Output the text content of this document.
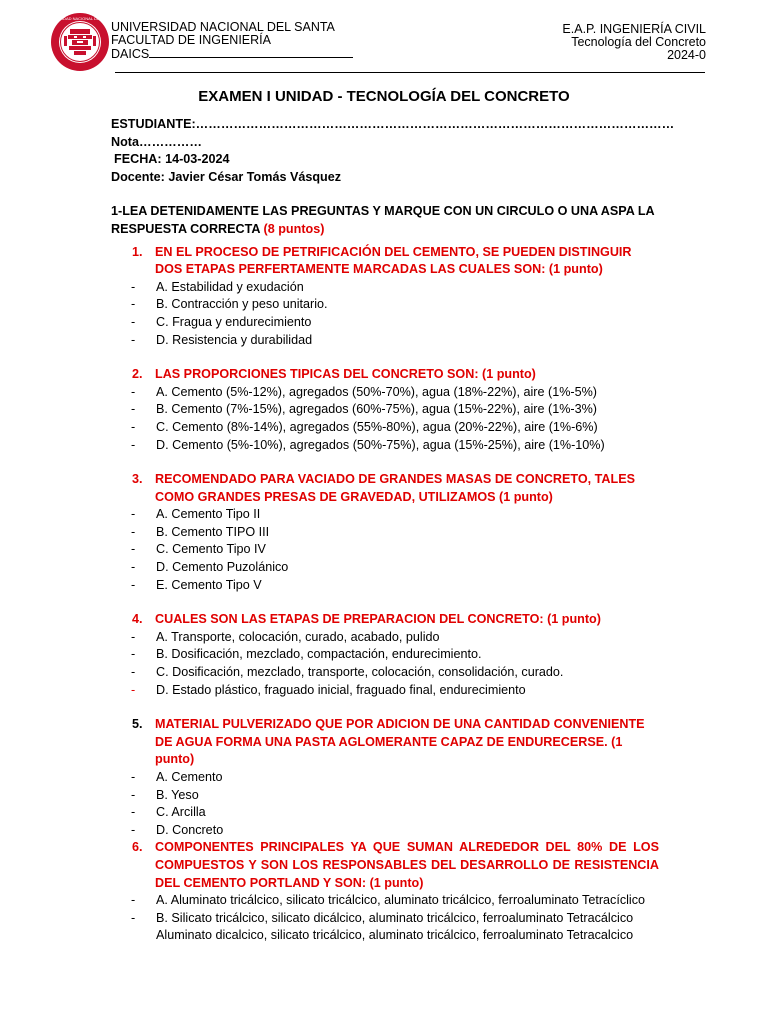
UNIVERSIDAD NACIONAL DEL SANTA
UNIVERSIDAD NACIONAL DEL SANTA
FACULTAD DE INGENIERÍA
DAICS
E.A.P. INGENIERÍA CIVIL
Tecnología del Concreto
2024-0
EXAMEN I UNIDAD - TECNOLOGÍA DEL CONCRETO
ESTUDIANTE:…………………………………………………………………………………………………… Nota……………
FECHA: 14-03-2024
Docente: Javier César Tomás Vásquez
1-LEA DETENIDAMENTE LAS PREGUNTAS Y MARQUE CON UN CIRCULO O UNA ASPA LA RESPUESTA CORRECTA (8 puntos)
1. EN EL PROCESO DE PETRIFICACIÓN DEL CEMENTO, SE PUEDEN DISTINGUIR DOS ETAPAS PERFERTAMENTE MARCADAS LAS CUALES SON: (1 punto)
-	A. Estabilidad y exudación
-	B. Contracción y peso unitario.
-	C. Fragua y endurecimiento
-	D. Resistencia y durabilidad
2. LAS PROPORCIONES TIPICAS DEL CONCRETO SON: (1 punto)
-	A. Cemento (5%-12%), agregados (50%-70%), agua (18%-22%), aire (1%-5%)
-	B. Cemento (7%-15%), agregados (60%-75%), agua (15%-22%), aire (1%-3%)
-	C. Cemento (8%-14%), agregados (55%-80%), agua (20%-22%), aire (1%-6%)
-	D. Cemento (5%-10%), agregados (50%-75%), agua (15%-25%), aire (1%-10%)
3. RECOMENDADO PARA VACIADO DE GRANDES MASAS DE CONCRETO, TALES COMO GRANDES PRESAS DE GRAVEDAD, UTILIZAMOS (1 punto)
-	A. Cemento Tipo II
-	B. Cemento TIPO III
-	C. Cemento Tipo IV
-	D. Cemento Puzolánico
-	E. Cemento Tipo V
4. CUALES SON LAS ETAPAS DE PREPARACION DEL CONCRETO: (1 punto)
-	A. Transporte, colocación, curado, acabado, pulido
-	B. Dosificación, mezclado, compactación, endurecimiento.
-	C. Dosificación, mezclado, transporte, colocación, consolidación, curado.
-	D. Estado plástico, fraguado inicial, fraguado final, endurecimiento
5. MATERIAL PULVERIZADO QUE POR ADICION DE UNA CANTIDAD CONVENIENTE DE AGUA FORMA UNA PASTA AGLOMERANTE CAPAZ DE ENDURECERSE. (1 punto)
-	A. Cemento
-	B. Yeso
-	C. Arcilla
-	D. Concreto
6. COMPONENTES PRINCIPALES YA QUE SUMAN ALREDEDOR DEL 80% DE LOS COMPUESTOS Y SON LOS RESPONSABLES DEL DESARROLLO DE RESISTENCIA DEL CEMENTO PORTLAND Y SON: (1 punto)
-	A. Aluminato tricálcico, silicato tricálcico, aluminato tricálcico, ferroaluminato Tetracíclico
-	B. Silicato tricálcico, silicato dicálcico, aluminato tricálcico, ferroaluminato Tetracálcico Aluminato dicalcico, silicato tricálcico, aluminato tricálcico, ferroaluminato Tetracalcico
